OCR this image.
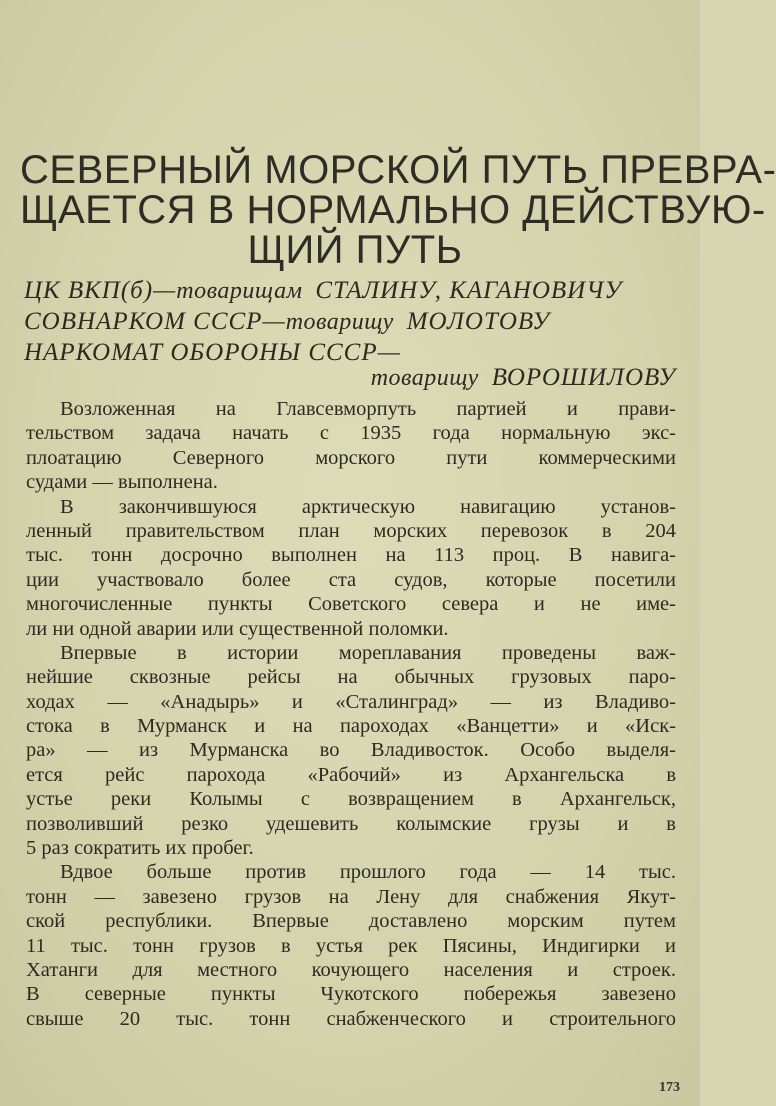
СЕВЕРНЫЙ МОРСКОЙ ПУТЬ ПРЕВРА-
ЩАЕТСЯ В НОРМАЛЬНО ДЕЙСТВУЮ-
ЩИЙ ПУТЬ
ЦК ВКП(б)—товарищам СТАЛИНУ, КАГАНОВИЧУ
СОВНАРКОМ СССР—товарищу МОЛОТОВУ
НАРКОМАТ ОБОРОНЫ СССР—
товарищу ВОРОШИЛОВУ
Возложенная на Главсевморпуть партией и прави-
тельством задача начать с 1935 года нормальную экс-
плоатацию Северного морского пути коммерческими
судами — выполнена.
В закончившуюся арктическую навигацию установ-
ленный правительством план морских перевозок в 204
тыс. тонн досрочно выполнен на 113 проц. В навига-
ции участвовало более ста судов, которые посетили
многочисленные пункты Советского севера и не име-
ли ни одной аварии или существенной поломки.
Впервые в истории мореплавания проведены важ-
нейшие сквозные рейсы на обычных грузовых паро-
ходах — «Анадырь» и «Сталинград» — из Владиво-
стока в Мурманск и на пароходах «Ванцетти» и «Иск-
ра» — из Мурманска во Владивосток. Особо выделя-
ется рейс парохода «Рабочий» из Архангельска в
устье реки Колымы с возвращением в Архангельск,
позволивший резко удешевить колымские грузы и в
5 раз сократить их пробег.
Вдвое больше против прошлого года — 14 тыс.
тонн — завезено грузов на Лену для снабжения Якут-
ской республики. Впервые доставлено морским путем
11 тыс. тонн грузов в устья рек Пясины, Индигирки и
Хатанги для местного кочующего населения и строек.
В северные пункты Чукотского побережья завезено
свыше 20 тыс. тонн снабженческого и строительного
173
